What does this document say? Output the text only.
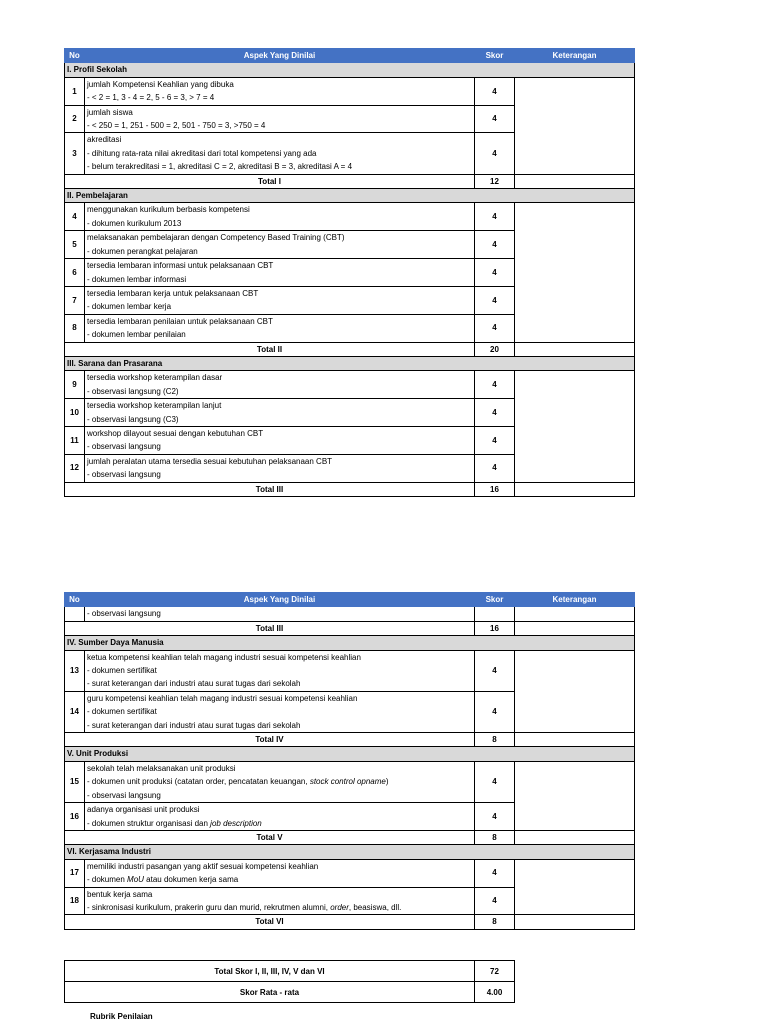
No	Aspek Yang Dinilai	Skor	Keterangan
I. Profil Sekolah			
1	jumlah Kompetensi Keahlian yang dibuka	4	
	- < 2 = 1, 3 - 4 = 2, 5 - 6 = 3, > 7 = 4		
2	jumlah siswa	4	
	- < 250 = 1, 251 - 500 = 2, 501 - 750 = 3, >750 = 4		
3	akreditasi	4	
	- dihitung rata-rata nilai akreditasi dari total kompetensi yang ada		
	- belum terakreditasi = 1, akreditasi C = 2, akreditasi B = 3, akreditasi A = 4		
Total I		12	
II. Pembelajaran			
4	menggunakan kurikulum berbasis kompetensi	4	
	- dokumen kurikulum 2013		
5	melaksanakan pembelajaran dengan Competency Based Training (CBT)	4	
	- dokumen perangkat pelajaran		
6	tersedia lembaran informasi untuk pelaksanaan CBT	4	
	- dokumen lembar informasi		
7	tersedia lembaran kerja untuk pelaksanaan CBT	4	
	- dokumen lembar kerja		
8	tersedia lembaran penilaian untuk pelaksanaan CBT	4	
	- dokumen lembar penilaian		
Total II		20	
III. Sarana dan Prasarana			
9	tersedia workshop keterampilan dasar	4	
	- observasi langsung (C2)		
10	tersedia workshop keterampilan lanjut	4	
	- observasi langsung (C3)		
11	workshop dilayout sesuai dengan kebutuhan CBT	4	
	- observasi langsung		
12	jumlah peralatan utama tersedia sesuai kebutuhan pelaksanaan CBT	4	
	- observasi langsung		
Total III		16	
No	Aspek Yang Dinilai	Skor	Keterangan
	- observasi langsung		
Total III		16	
IV. Sumber Daya Manusia			
13	ketua kompetensi keahlian telah magang industri sesuai kompetensi keahlian	4	
	- dokumen sertifikat		
	- surat keterangan dari industri atau surat tugas dari sekolah		
14	guru kompetensi keahlian telah magang industri sesuai kompetensi keahlian	4	
	- dokumen sertifikat		
	- surat keterangan dari industri atau surat tugas dari sekolah		
Total IV		8	
V. Unit Produksi			
15	sekolah telah melaksanakan unit produksi	4	
	- dokumen unit produksi (catatan order, pencatatan keuangan, stock control opname)		
	- observasi langsung		
16	adanya organisasi unit produksi	4	
	- dokumen struktur organisasi dan job description		
Total V		8	
VI. Kerjasama Industri			
17	memiliki industri pasangan yang aktif sesuai kompetensi keahlian	4	
	- dokumen MoU atau dokumen kerja sama		
18	bentuk kerja sama	4	
	- sinkronisasi kurikulum, prakerin guru dan murid, rekrutmen alumni, order, beasiswa, dll.		
Total VI		8	
Total Skor I, II, III, IV, V dan VI	72
Skor Rata - rata	4.00
Rubrik Penilaian
